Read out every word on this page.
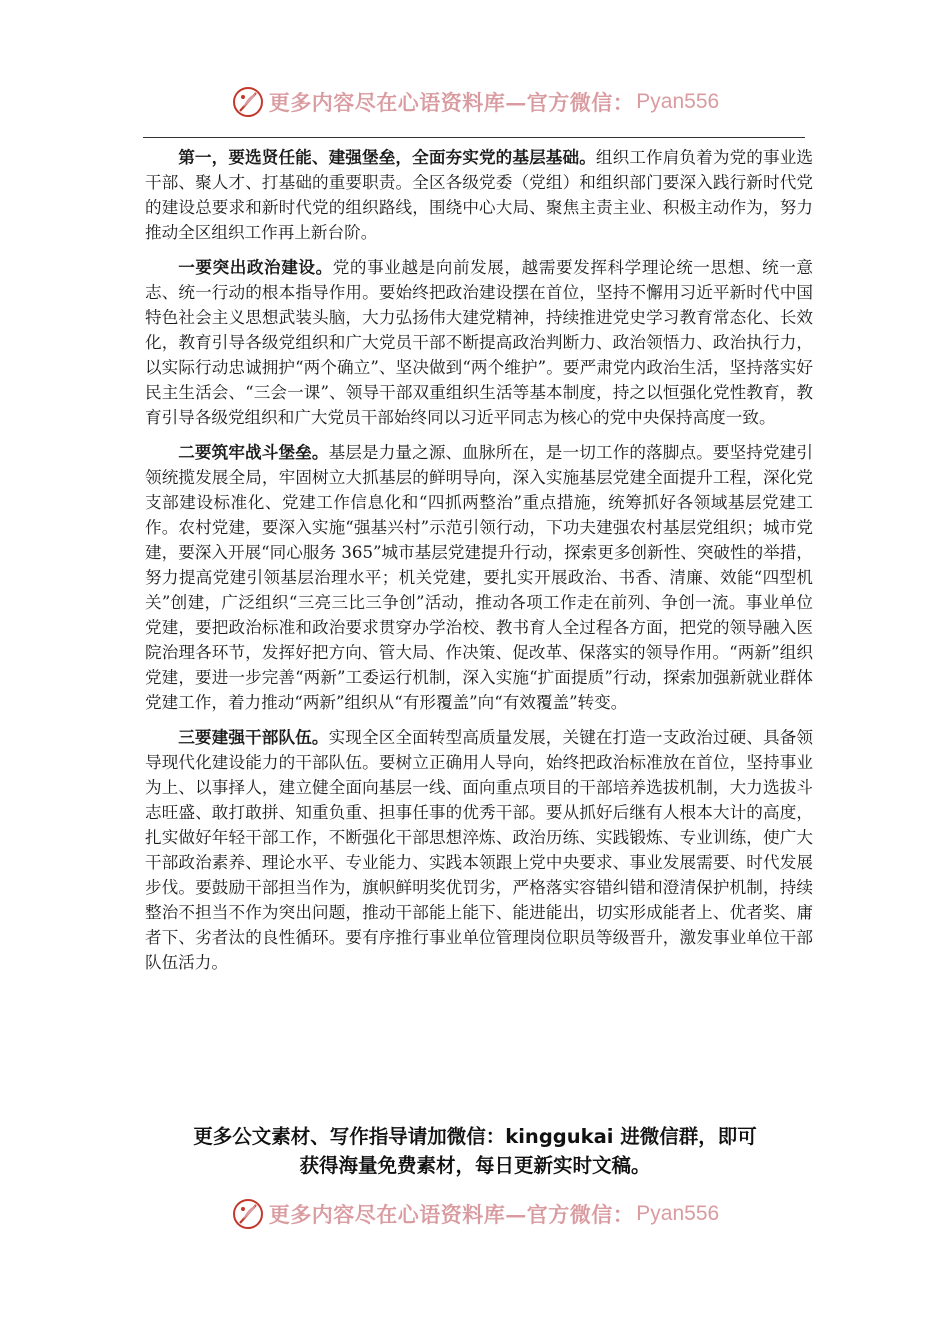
更多内容尽在心语资料库—官方微信： Pyan556

第一，要选贤任能、建强堡垒，全面夯实党的基层基础。组织工作肩负着为党的事业选干部、聚人才、打基础的重要职责。全区各级党委（党组）和组织部门要深入践行新时代党的建设总要求和新时代党的组织路线，围绕中心大局、聚焦主责主业、积极主动作为，努力推动全区组织工作再上新台阶。

一要突出政治建设。党的事业越是向前发展，越需要发挥科学理论统一思想、统一意志、统一行动的根本指导作用。要始终把政治建设摆在首位，坚持不懈用习近平新时代中国特色社会主义思想武装头脑，大力弘扬伟大建党精神，持续推进党史学习教育常态化、长效化，教育引导各级党组织和广大党员干部不断提高政治判断力、政治领悟力、政治执行力，以实际行动忠诚拥护“两个确立”、坚决做到“两个维护”。要严肃党内政治生活，坚持落实好民主生活会、“三会一课”、领导干部双重组织生活等基本制度，持之以恒强化党性教育，教育引导各级党组织和广大党员干部始终同以习近平同志为核心的党中央保持高度一致。

二要筑牢战斗堡垒。基层是力量之源、血脉所在，是一切工作的落脚点。要坚持党建引领统揽发展全局，牢固树立大抓基层的鲜明导向，深入实施基层党建全面提升工程，深化党支部建设标准化、党建工作信息化和“四抓两整治”重点措施，统筹抓好各领域基层党建工作。农村党建，要深入实施“强基兴村”示范引领行动，下功夫建强农村基层党组织；城市党建，要深入开展“同心服务 365”城市基层党建提升行动，探索更多创新性、突破性的举措，努力提高党建引领基层治理水平；机关党建，要扎实开展政治、书香、清廉、效能“四型机关”创建，广泛组织“三亮三比三争创”活动，推动各项工作走在前列、争创一流。事业单位党建，要把政治标准和政治要求贯穿办学治校、教书育人全过程各方面，把党的领导融入医院治理各环节，发挥好把方向、管大局、作决策、促改革、保落实的领导作用。“两新”组织党建，要进一步完善“两新”工委运行机制，深入实施“扩面提质”行动，探索加强新就业群体党建工作，着力推动“两新”组织从“有形覆盖”向“有效覆盖”转变。

三要建强干部队伍。实现全区全面转型高质量发展，关键在打造一支政治过硬、具备领导现代化建设能力的干部队伍。要树立正确用人导向，始终把政治标准放在首位，坚持事业为上、以事择人，建立健全面向基层一线、面向重点项目的干部培养选拔机制，大力选拔斗志旺盛、敢打敢拼、知重负重、担事任事的优秀干部。要从抓好后继有人根本大计的高度，扎实做好年轻干部工作，不断强化干部思想淬炼、政治历练、实践锻炼、专业训练，使广大干部政治素养、理论水平、专业能力、实践本领跟上党中央要求、事业发展需要、时代发展步伐。要鼓励干部担当作为，旗帜鲜明奖优罚劣，严格落实容错纠错和澄清保护机制，持续整治不担当不作为突出问题，推动干部能上能下、能进能出，切实形成能者上、优者奖、庸者下、劣者汰的良性循环。要有序推行事业单位管理岗位职员等级晋升，激发事业单位干部队伍活力。

更多公文素材、写作指导请加微信：kinggukai 进微信群，即可
获得海量免费素材，每日更新实时文稿。
更多内容尽在心语资料库—官方微信： Pyan556
